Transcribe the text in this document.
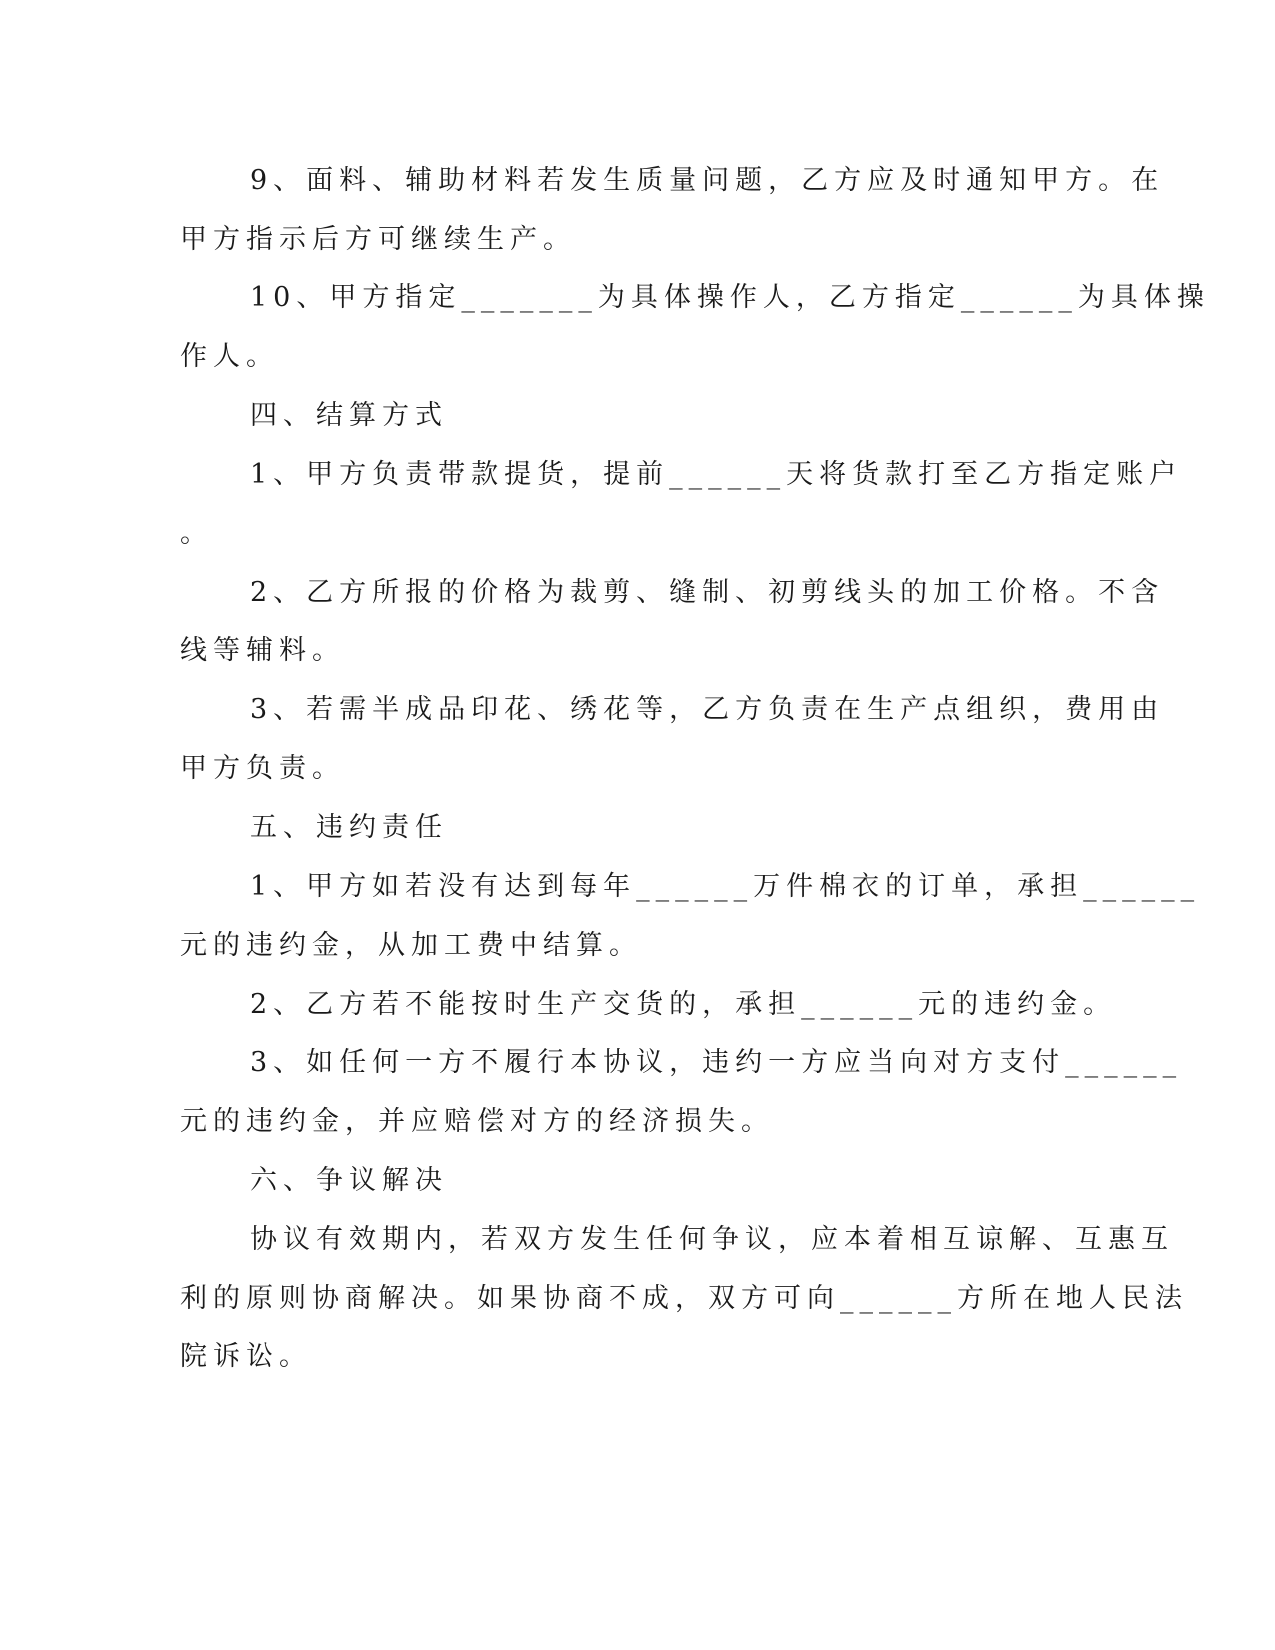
9、面料、辅助材料若发生质量问题，乙方应及时通知甲方。在
甲方指示后方可继续生产。
10、甲方指定_______为具体操作人，乙方指定______为具体操
作人。
四、结算方式
1、甲方负责带款提货，提前______天将货款打至乙方指定账户
。
2、乙方所报的价格为裁剪、缝制、初剪线头的加工价格。不含
线等辅料。
3、若需半成品印花、绣花等，乙方负责在生产点组织，费用由
甲方负责。
五、违约责任
1、甲方如若没有达到每年______万件棉衣的订单，承担______
元的违约金，从加工费中结算。
2、乙方若不能按时生产交货的，承担______元的违约金。
3、如任何一方不履行本协议，违约一方应当向对方支付______
元的违约金，并应赔偿对方的经济损失。
六、争议解决
协议有效期内，若双方发生任何争议，应本着相互谅解、互惠互
利的原则协商解决。如果协商不成，双方可向______方所在地人民法
院诉讼。
